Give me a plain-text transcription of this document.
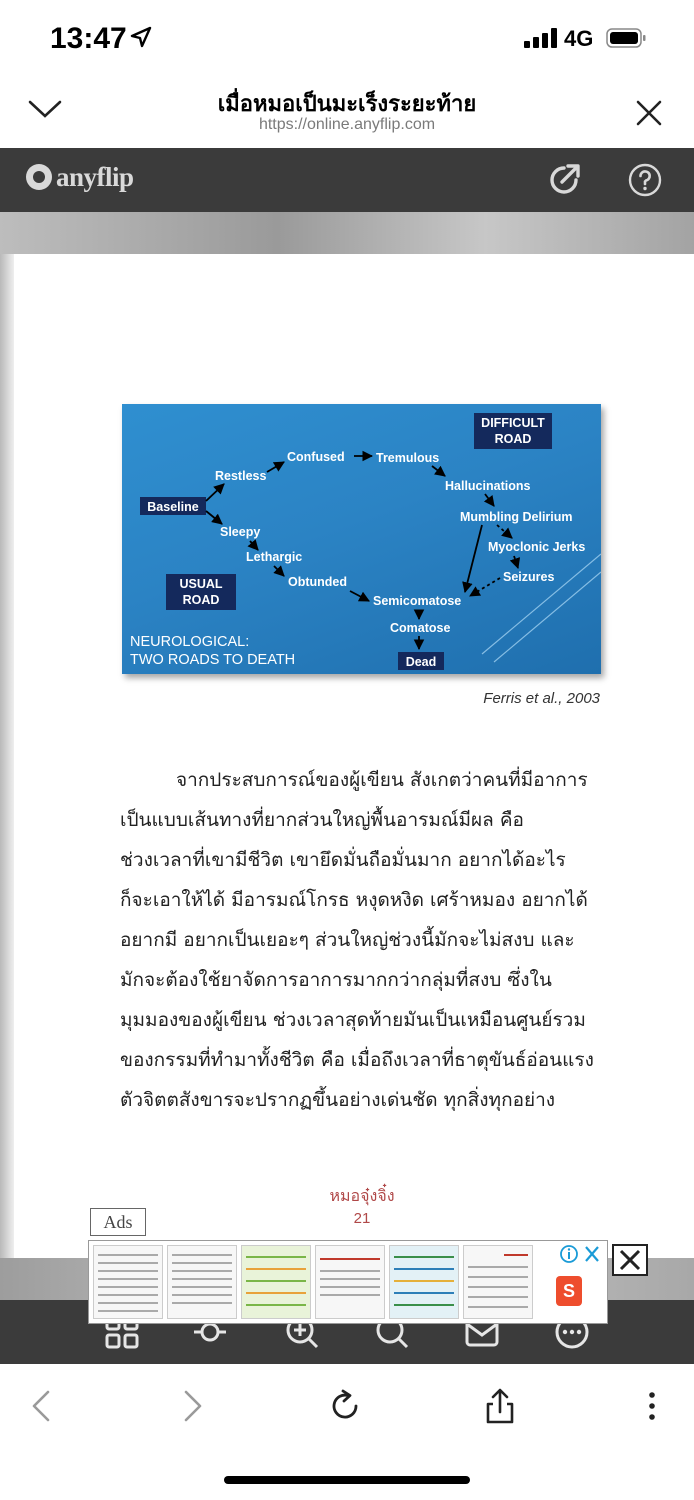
13:47	4G
เมื่อหมอเป็นมะเร็งระยะท้าย
https://online.anyflip.com
anyflip
DIFFICULT
ROAD
USUAL
ROAD
Baseline
Dead
Restless
Confused	Tremulous
Hallucinations
Mumbling Delirium
Myoclonic Jerks
Seizures
Sleepy
Lethargic
Obtunded
Semicomatose
Comatose
NEUROLOGICAL:
TWO ROADS TO DEATH
Ferris et al., 2003
จากประสบการณ์ของผู้เขียน สังเกตว่าคนที่มีอาการ
เป็นแบบเส้นทางที่ยากส่วนใหญ่พื้นอารมณ์มีผล คือ
ช่วงเวลาที่เขามีชีวิต เขายึดมั่นถือมั่นมาก อยากได้อะไร
ก็จะเอาให้ได้ มีอารมณ์โกรธ หงุดหงิด เศร้าหมอง อยากได้
อยากมี อยากเป็นเยอะๆ ส่วนใหญ่ช่วงนี้มักจะไม่สงบ และ
มักจะต้องใช้ยาจัดการอาการมากกว่ากลุ่มที่สงบ ซึ่งใน
มุมมองของผู้เขียน ช่วงเวลาสุดท้ายมันเป็นเหมือนศูนย์รวม
ของกรรมที่ทำมาทั้งชีวิต คือ เมื่อถึงเวลาที่ธาตุขันธ์อ่อนแรง
ตัวจิตตสังขารจะปรากฏขึ้นอย่างเด่นชัด ทุกสิ่งทุกอย่าง
หมอจุ๋งจิ๋ง
21
Ads
S
